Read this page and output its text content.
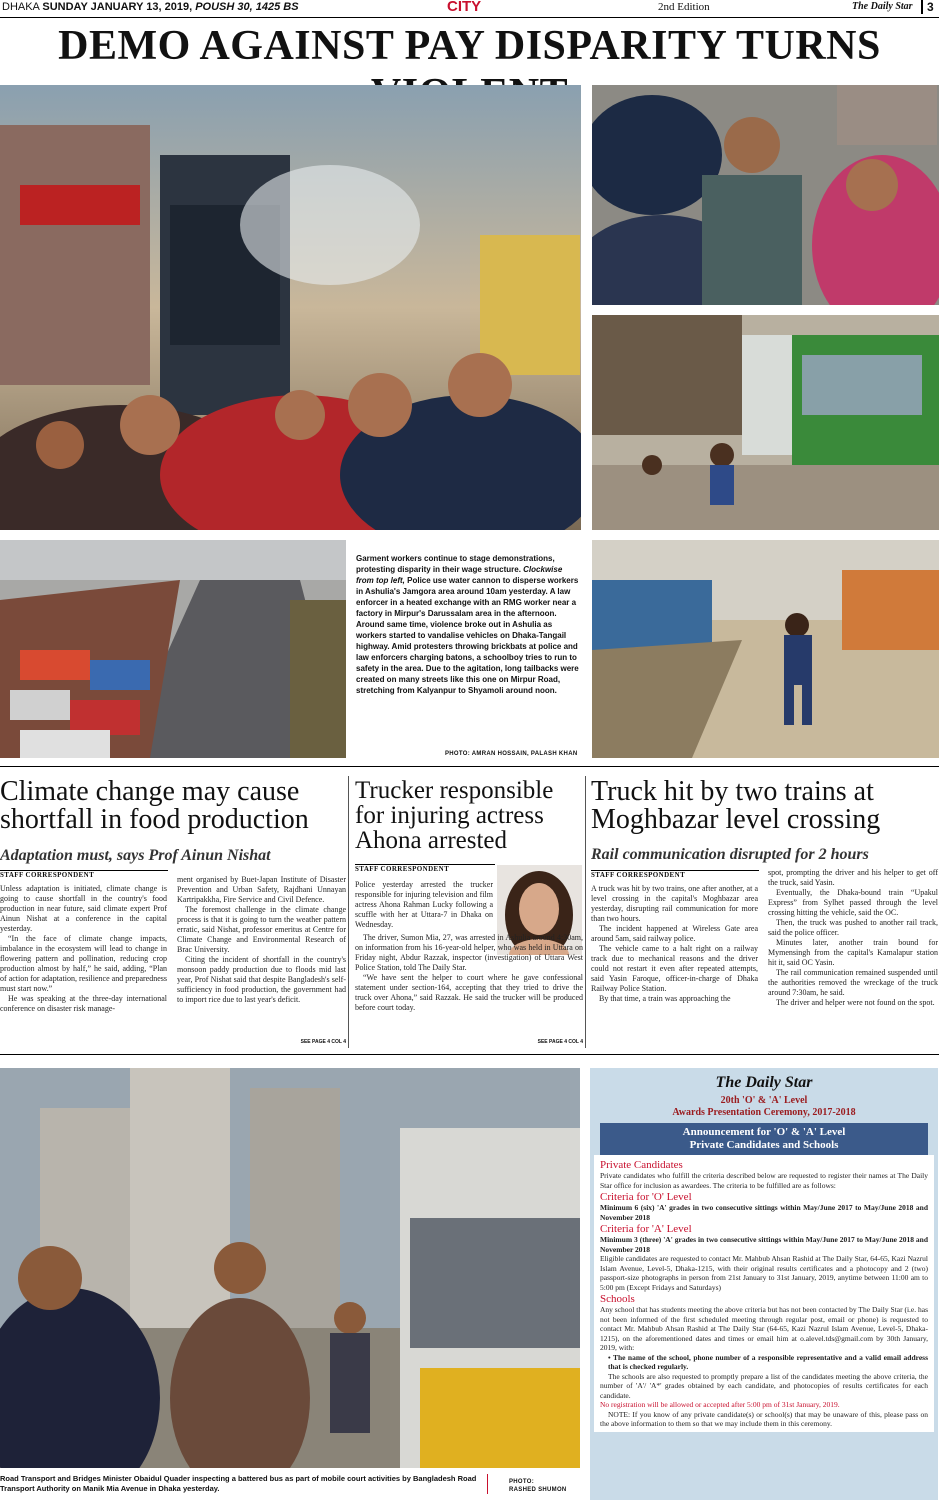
DHAKA SUNDAY JANUARY 13, 2019, POUSH 30, 1425 BS	CITY	2nd Edition	The Daily Star	3
DEMO AGAINST PAY DISPARITY TURNS
Garment workers continue to stage demonstrations, protesting disparity in their wage structure. Clockwise from top left, Police use water cannon to disperse workers in Ashulia's Jamgora area around 10am yesterday. A law enforcer in a heated exchange with an RMG worker near a factory in Mirpur's Darussalam area in the afternoon. Around same time, violence broke out in Ashulia as workers started to vandalise vehicles on Dhaka-Tangail highway. Amid protesters throwing brickbats at police and law enforcers charging batons, a schoolboy tries to run to safety in the area. Due to the agitation, long tailbacks were created on many streets like this one on Mirpur Road, stretching from Kalyanpur to Shyamoli around noon.
PHOTO: AMRAN HOSSAIN, PALASH KHAN
Climate change may cause shortfall in food production
Adaptation must, says Prof Ainun Nishat
STAFF CORRESPONDENT

Unless adaptation is initiated, climate change is going to cause shortfall in the country's food production in near future, said climate expert Prof Ainun Nishat at a conference in the capital yesterday.

“In the face of climate change impacts, imbalance in the ecosystem will lead to change in flowering pattern and pollination, reducing crop production almost by half,” he said, adding, “Plan of action for adaptation, resilience and preparedness must start now.”

He was speaking at the three-day international conference on disaster risk manage-

ment organised by Buet-Japan Institute of Disaster Prevention and Urban Safety, Rajdhani Unnayan Kartripakkha, Fire Service and Civil Defence.

The foremost challenge in the climate change process is that it is going to turn the weather pattern erratic, said Nishat, professor emeritus at Centre for Climate Change and Environmental Research of Brac University.

Citing the incident of shortfall in the country's monsoon paddy production due to floods mid last year, Prof Nishat said that despite Bangladesh's self-sufficiency in food production, the government had to import rice due to last year's deficit.

SEE PAGE 4 COL 4
Trucker responsible for injuring actress Ahona arrested
STAFF CORRESPONDENT

Police yesterday arrested the trucker responsible for injuring television and film actress Ahona Rahman Lucky following a scuffle with her at Uttara-7 in Dhaka on Wednesday.

The driver, Sumon Mia, 27, was arrested in Ashulia around 4:30am, on information from his 16-year-old helper, who was held in Uttara on Friday night, Abdur Razzak, inspector (investigation) of Uttara West Police Station, told The Daily Star.

“We have sent the helper to court where he gave confessional statement under section-164, accepting that they tried to drive the truck over Ahona,” said Razzak. He said the trucker will be produced before court today.

SEE PAGE 4 COL 4
Truck hit by two trains at Moghbazar level crossing
Rail communication disrupted for 2 hours
STAFF CORRESPONDENT

A truck was hit by two trains, one after another, at a level crossing in the capital's Moghbazar area yesterday, disrupting rail communication for more than two hours.

The incident happened at Wireless Gate area around 5am, said railway police.

The vehicle came to a halt right on a railway track due to mechanical reasons and the driver could not restart it even after repeated attempts, said Yasin Faroque, officer-in-charge of Dhaka Railway Police Station.

By that time, a train was approaching the

spot, prompting the driver and his helper to get off the truck, said Yasin.

Eventually, the Dhaka-bound train “Upakul Express” from Sylhet passed through the level crossing hitting the vehicle, said the OC.

Then, the truck was pushed to another rail track, said the police officer.

Minutes later, another train bound for Mymensingh from the capital's Kamalapur station hit it, said OC Yasin.

The rail communication remained suspended until the authorities removed the wreckage of the truck around 7:30am, he said.

The driver and helper were not found on the spot.

Road Transport and Bridges Minister Obaidul Quader inspecting a battered bus as part of mobile court activities by Bangladesh Road Transport Authority on Manik Mia Avenue in Dhaka yesterday.
PHOTO:
RASHED SHUMON
The Daily Star
20th 'O' & 'A' Level
Awards Presentation Ceremony, 2017-2018
Announcement for 'O' & 'A' Level
Private Candidates and Schools
Private Candidates
Private candidates who fulfill the criteria described below are requested to register their names at The Daily Star office for inclusion as awardees. The criteria to be fulfilled are as follows:
Criteria for 'O' Level
Minimum 6 (six) 'A' grades in two consecutive sittings within May/June 2017 to May/June 2018 and November 2018
Criteria for 'A' Level
Minimum 3 (three) 'A' grades in two consecutive sittings within May/June 2017 to May/June 2018 and November 2018
Eligible candidates are requested to contact Mr. Mahbub Ahsan Rashid at The Daily Star, 64-65, Kazi Nazrul Islam Avenue, Level-5, Dhaka-1215, with their original results certificates and a photocopy and 2 (two) passport-size photographs in person from 21st January to 31st January, 2019, anytime between 11:00 am to 5:00 pm (Except Fridays and Saturdays)
Schools
Any school that has students meeting the above criteria but has not been contacted by The Daily Star (i.e. has not been informed of the first scheduled meeting through regular post, email or phone) is requested to contact Mr. Mahbub Ahsan Rashid at The Daily Star (64-65, Kazi Nazrul Islam Avenue, Level-5, Dhaka-1215), on the aforementioned dates and times or email him at o.alevel.tds@gmail.com by 30th January, 2019, with:
• The name of the school, phone number of a responsible representative and a valid email address that is checked regularly.
The schools are also requested to promptly prepare a list of the candidates meeting the above criteria, the number of 'A'/ 'A*' grades obtained by each candidate, and photocopies of results certificates for each candidate.
No registration will be allowed or accepted after 5:00 pm of 31st January, 2019.
NOTE: If you know of any private candidate(s) or school(s) that may be unaware of this, please pass on the above information to them so that we may include them in this ceremony.
